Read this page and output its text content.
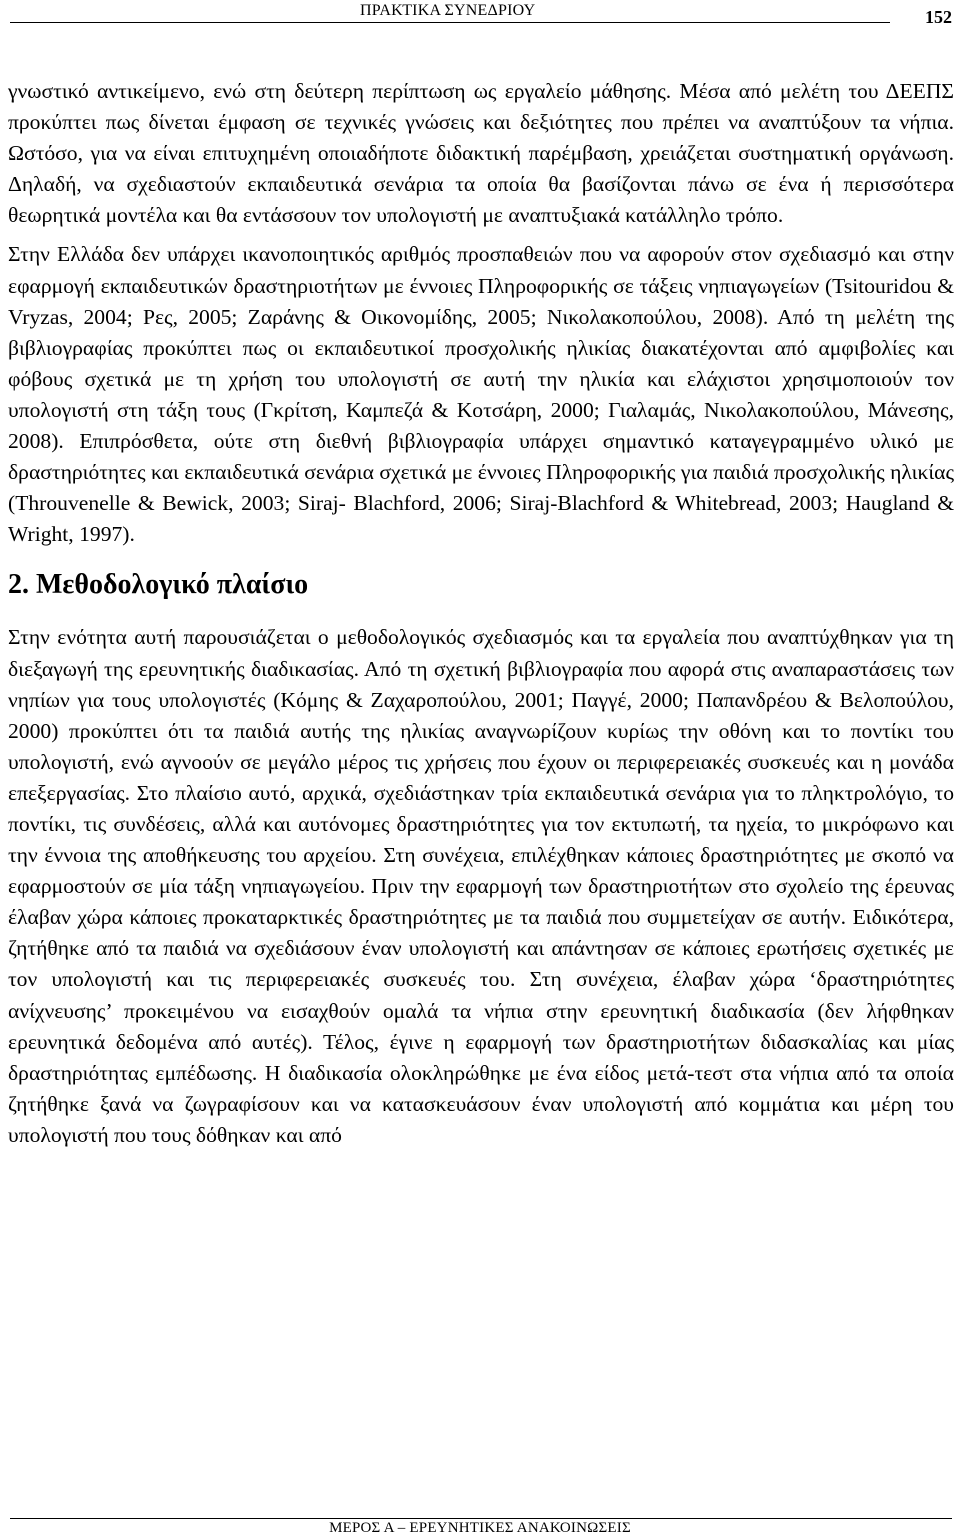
ΠΡΑΚΤΙΚΑ ΣΥΝΕΔΡΙΟΥ	152

γνωστικό αντικείμενο, ενώ στη δεύτερη περίπτωση ως εργαλείο μάθησης. Μέσα από μελέτη του ΔΕΕΠΣ προκύπτει πως δίνεται έμφαση σε τεχνικές γνώσεις και δεξιότητες που πρέπει να αναπτύξουν τα νήπια. Ωστόσο, για να είναι επιτυχημένη οποιαδήποτε διδακτική παρέμβαση, χρειάζεται συστηματική οργάνωση. Δηλαδή, να σχεδιαστούν εκπαιδευτικά σενάρια τα οποία θα βασίζονται πάνω σε ένα ή περισσότερα θεωρητικά μοντέλα και θα εντάσσουν τον υπολογιστή με αναπτυξιακά κατάλληλο τρόπο.

Στην Ελλάδα δεν υπάρχει ικανοποιητικός αριθμός προσπαθειών που να αφορούν στον σχεδιασμό και στην εφαρμογή εκπαιδευτικών δραστηριοτήτων με έννοιες Πληροφορικής σε τάξεις νηπιαγωγείων (Tsitouridou & Vryzas, 2004; Ρες, 2005; Ζαράνης & Οικονομίδης, 2005; Νικολακοπούλου, 2008). Από τη μελέτη της βιβλιογραφίας προκύπτει πως οι εκπαιδευτικοί προσχολικής ηλικίας διακατέχονται από αμφιβολίες και φόβους σχετικά με τη χρήση του υπολογιστή σε αυτή την ηλικία και ελάχιστοι χρησιμοποιούν τον υπολογιστή στη τάξη τους (Γκρίτση, Καμπεζά & Κοτσάρη, 2000; Γιαλαμάς, Νικολακοπούλου, Μάνεσης, 2008). Επιπρόσθετα, ούτε στη διεθνή βιβλιογραφία υπάρχει σημαντικό καταγεγραμμένο υλικό με δραστηριότητες και εκπαιδευτικά σενάρια σχετικά με έννοιες Πληροφορικής για παιδιά προσχολικής ηλικίας (Throuvenelle & Bewick, 2003; Siraj- Blachford, 2006; Siraj-Blachford & Whitebread, 2003; Haugland & Wright, 1997).

2. Μεθοδολογικό πλαίσιο

Στην ενότητα αυτή παρουσιάζεται ο μεθοδολογικός σχεδιασμός και τα εργαλεία που αναπτύχθηκαν για τη διεξαγωγή της ερευνητικής διαδικασίας. Από τη σχετική βιβλιογραφία που αφορά στις αναπαραστάσεις των νηπίων για τους υπολογιστές (Κόμης & Ζαχαροπούλου, 2001; Παγγέ, 2000; Παπανδρέου & Βελοπούλου, 2000) προκύπτει ότι τα παιδιά αυτής της ηλικίας αναγνωρίζουν κυρίως την οθόνη και το ποντίκι του υπολογιστή, ενώ αγνοούν σε μεγάλο μέρος τις χρήσεις που έχουν οι περιφερειακές συσκευές και η μονάδα επεξεργασίας. Στο πλαίσιο αυτό, αρχικά, σχεδιάστηκαν τρία εκπαιδευτικά σενάρια για το πληκτρολόγιο, το ποντίκι, τις συνδέσεις, αλλά και αυτόνομες δραστηριότητες για τον εκτυπωτή, τα ηχεία, το μικρόφωνο και την έννοια της αποθήκευσης του αρχείου. Στη συνέχεια, επιλέχθηκαν κάποιες δραστηριότητες με σκοπό να εφαρμοστούν σε μία τάξη νηπιαγωγείου. Πριν την εφαρμογή των δραστηριοτήτων στο σχολείο της έρευνας έλαβαν χώρα κάποιες προκαταρκτικές δραστηριότητες με τα παιδιά που συμμετείχαν σε αυτήν. Ειδικότερα, ζητήθηκε από τα παιδιά να σχεδιάσουν έναν υπολογιστή και απάντησαν σε κάποιες ερωτήσεις σχετικές με τον υπολογιστή και τις περιφερειακές συσκευές του. Στη συνέχεια, έλαβαν χώρα ‘δραστηριότητες ανίχνευσης’ προκειμένου να εισαχθούν ομαλά τα νήπια στην ερευνητική διαδικασία (δεν λήφθηκαν ερευνητικά δεδομένα από αυτές). Τέλος, έγινε η εφαρμογή των δραστηριοτήτων διδασκαλίας και μίας δραστηριότητας εμπέδωσης. Η διαδικασία ολοκληρώθηκε με ένα είδος μετά-τεστ στα νήπια από τα οποία ζητήθηκε ξανά να ζωγραφίσουν και να κατασκευάσουν έναν υπολογιστή από κομμάτια και μέρη του υπολογιστή που τους δόθηκαν και από

ΜΕΡΟΣ Α – ΕΡΕΥΝΗΤΙΚΕΣ ΑΝΑΚΟΙΝΩΣΕΙΣ
